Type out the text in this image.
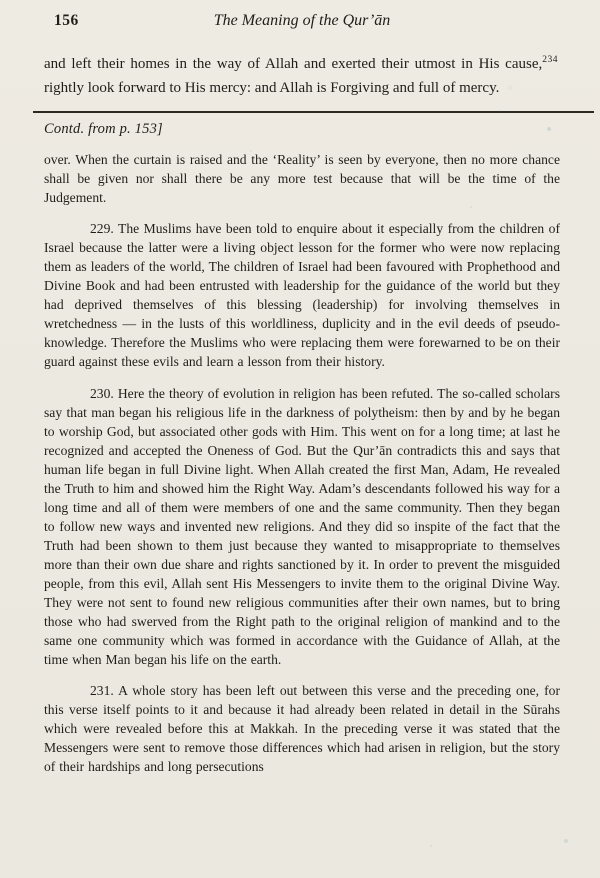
156	The Meaning of the Qur’ān

and left their homes in the way of Allah and exerted their utmost in His cause,$^{234}$ rightly look forward to His mercy: and Allah is Forgiving and full of mercy.

Contd. from p. 153]

over. When the curtain is raised and the ‘Reality’ is seen by everyone, then no more chance shall be given nor shall there be any more test because that will be the time of the Judgement.

229. The Muslims have been told to enquire about it especially from the children of Israel because the latter were a living object lesson for the former who were now replacing them as leaders of the world, The children of Israel had been favoured with Prophethood and Divine Book and had been entrusted with leadership for the guidance of the world but they had deprived themselves of this blessing (leadership) for involving themselves in wretchedness — in the lusts of this worldliness, duplicity and in the evil deeds of pseudo-knowledge. Therefore the Muslims who were replacing them were forewarned to be on their guard against these evils and learn a lesson from their history.

230. Here the theory of evolution in religion has been refuted. The so-called scholars say that man began his religious life in the darkness of polytheism: then by and by he began to worship God, but associated other gods with Him. This went on for a long time; at last he recognized and accepted the Oneness of God. But the Qur’ān contradicts this and says that human life began in full Divine light. When Allah created the first Man, Adam, He revealed the Truth to him and showed him the Right Way. Adam’s descendants followed his way for a long time and all of them were members of one and the same community. Then they began to follow new ways and invented new religions. And they did so inspite of the fact that the Truth had been shown to them just because they wanted to misappropriate to themselves more than their own due share and rights sanctioned by it. In order to prevent the misguided people, from this evil, Allah sent His Messengers to invite them to the original Divine Way. They were not sent to found new religious communities after their own names, but to bring those who had swerved from the Right path to the original religion of mankind and to the same one community which was formed in accordance with the Guidance of Allah, at the time when Man began his life on the earth.

231. A whole story has been left out between this verse and the preceding one, for this verse itself points to it and because it had already been related in detail in the Sūrahs which were revealed before this at Makkah. In the preceding verse it was stated that the Messengers were sent to remove those differences which had arisen in religion, but the story of their hardships and long persecutions
